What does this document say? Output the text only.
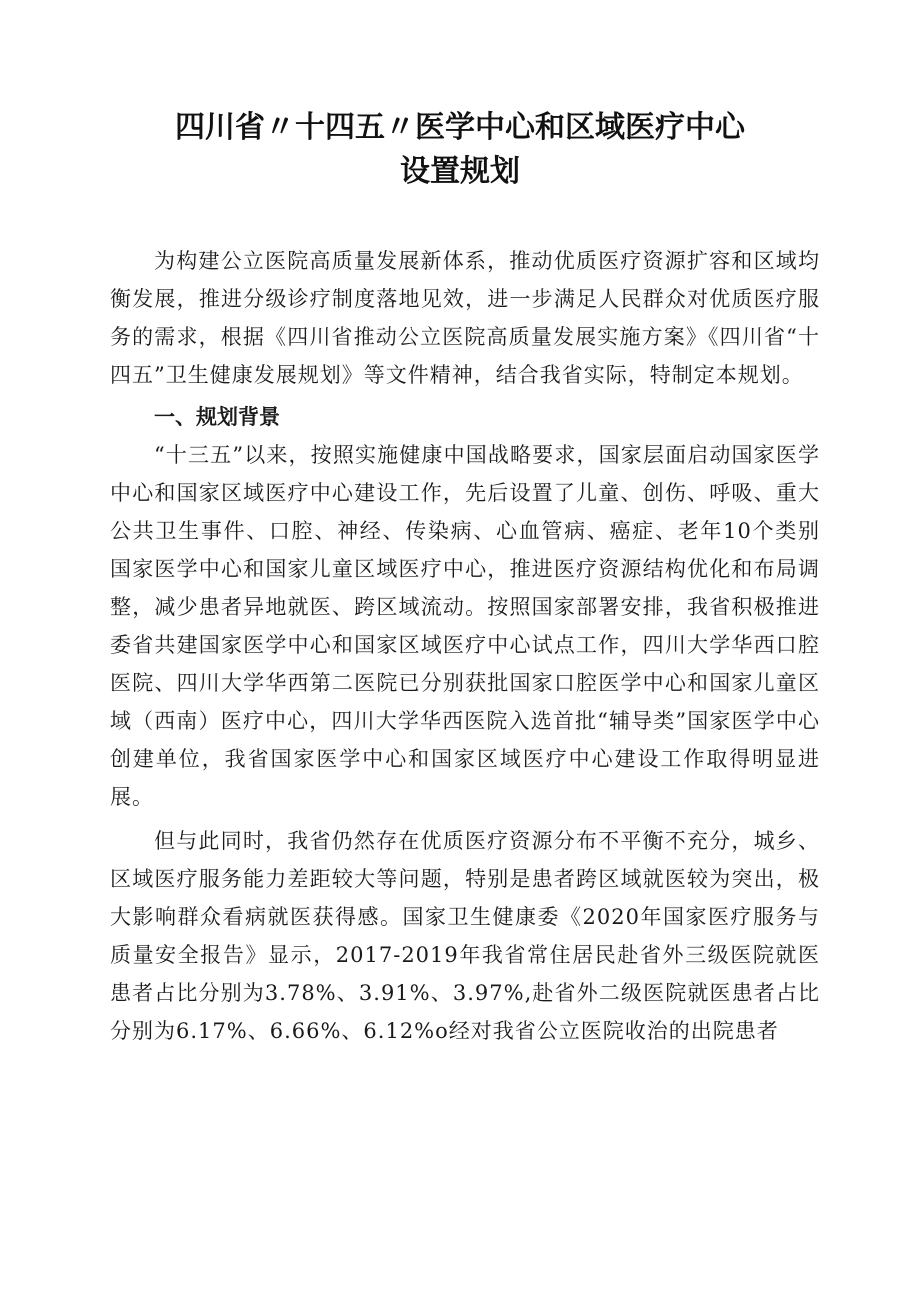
四川省〃十四五〃医学中心和区域医疗中心
设置规划

为构建公立医院高质量发展新体系，推动优质医疗资源扩容和区域均衡发展，推进分级诊疗制度落地见效，进一步满足人民群众对优质医疗服务的需求，根据《四川省推动公立医院高质量发展实施方案》《四川省“十四五”卫生健康发展规划》等文件精神，结合我省实际，特制定本规划。

一、规划背景

“十三五”以来，按照实施健康中国战略要求，国家层面启动国家医学中心和国家区域医疗中心建设工作，先后设置了儿童、创伤、呼吸、重大公共卫生事件、口腔、神经、传染病、心血管病、癌症、老年10个类别国家医学中心和国家儿童区域医疗中心，推进医疗资源结构优化和布局调整，减少患者异地就医、跨区域流动。按照国家部署安排，我省积极推进委省共建国家医学中心和国家区域医疗中心试点工作，四川大学华西口腔医院、四川大学华西第二医院已分别获批国家口腔医学中心和国家儿童区域（西南）医疗中心，四川大学华西医院入选首批“辅导类”国家医学中心创建单位，我省国家医学中心和国家区域医疗中心建设工作取得明显进展。

但与此同时，我省仍然存在优质医疗资源分布不平衡不充分，城乡、区域医疗服务能力差距较大等问题，特别是患者跨区域就医较为突出，极大影响群众看病就医获得感。国家卫生健康委《2020年国家医疗服务与质量安全报告》显示，2017-2019年我省常住居民赴省外三级医院就医患者占比分别为3.78%、3.91%、3.97%,赴省外二级医院就医患者占比分别为6.17%、6.66%、6.12%o经对我省公立医院收治的出院患者
